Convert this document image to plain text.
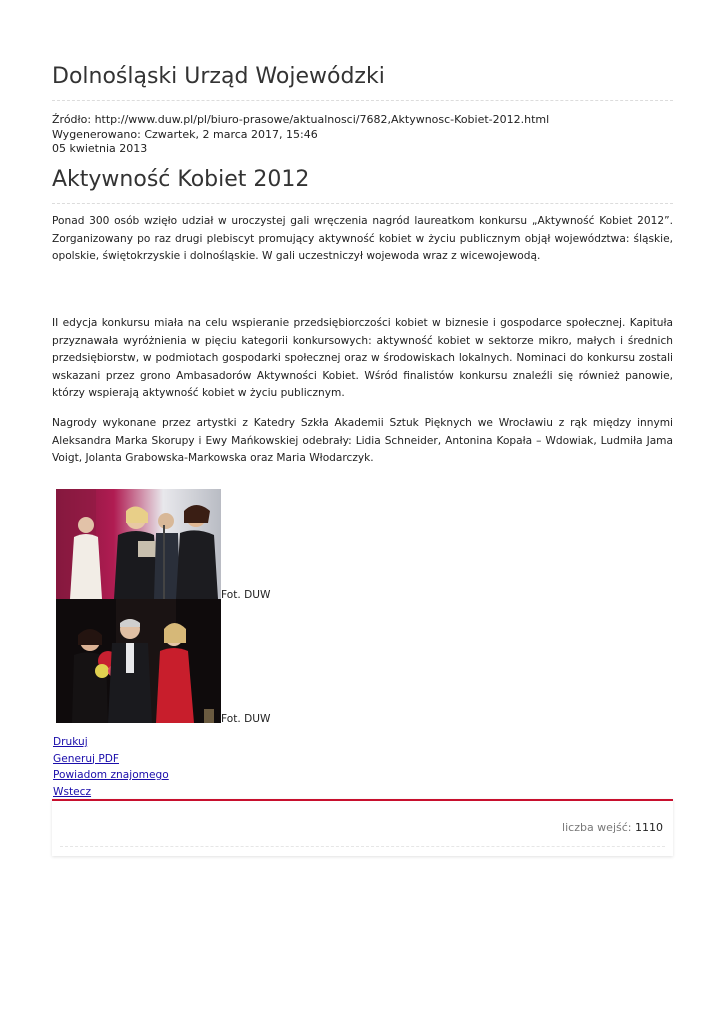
Dolnośląski Urząd Wojewódzki
Źródło: http://www.duw.pl/pl/biuro-prasowe/aktualnosci/7682,Aktywnosc-Kobiet-2012.html
Wygenerowano: Czwartek, 2 marca 2017, 15:46
05 kwietnia 2013
Aktywność Kobiet 2012

Ponad 300 osób wzięło udział w uroczystej gali wręczenia nagród laureatkom konkursu „Aktywność Kobiet 2012”. Zorganizowany po raz drugi plebiscyt promujący aktywność kobiet w życiu publicznym objął województwa: śląskie, opolskie, świętokrzyskie i dolnośląskie. W gali uczestniczył wojewoda wraz z wicewojewodą.

II edycja konkursu miała na celu wspieranie przedsiębiorczości kobiet w biznesie i gospodarce społecznej. Kapituła przyznawała wyróżnienia w pięciu kategorii konkursowych: aktywność kobiet w sektorze mikro, małych i średnich przedsiębiorstw, w podmiotach gospodarki społecznej oraz w środowiskach lokalnych. Nominaci do konkursu zostali wskazani przez grono Ambasadorów Aktywności Kobiet. Wśród finalistów konkursu znaleźli się również panowie, którzy wspierają aktywność kobiet w życiu publicznym.

Nagrody wykonane przez artystki z Katedry Szkła Akademii Sztuk Pięknych we Wrocławiu z rąk między innymi Aleksandra Marka Skorupy i Ewy Mańkowskiej odebrały: Lidia Schneider, Antonina Kopała – Wdowiak, Ludmiła Jama Voigt, Jolanta Grabowska-Markowska oraz Maria Włodarczyk.

Fot. DUW
Fot. DUW
Drukuj
Generuj PDF
Powiadom znajomego
Wstecz
liczba wejść: 1110
